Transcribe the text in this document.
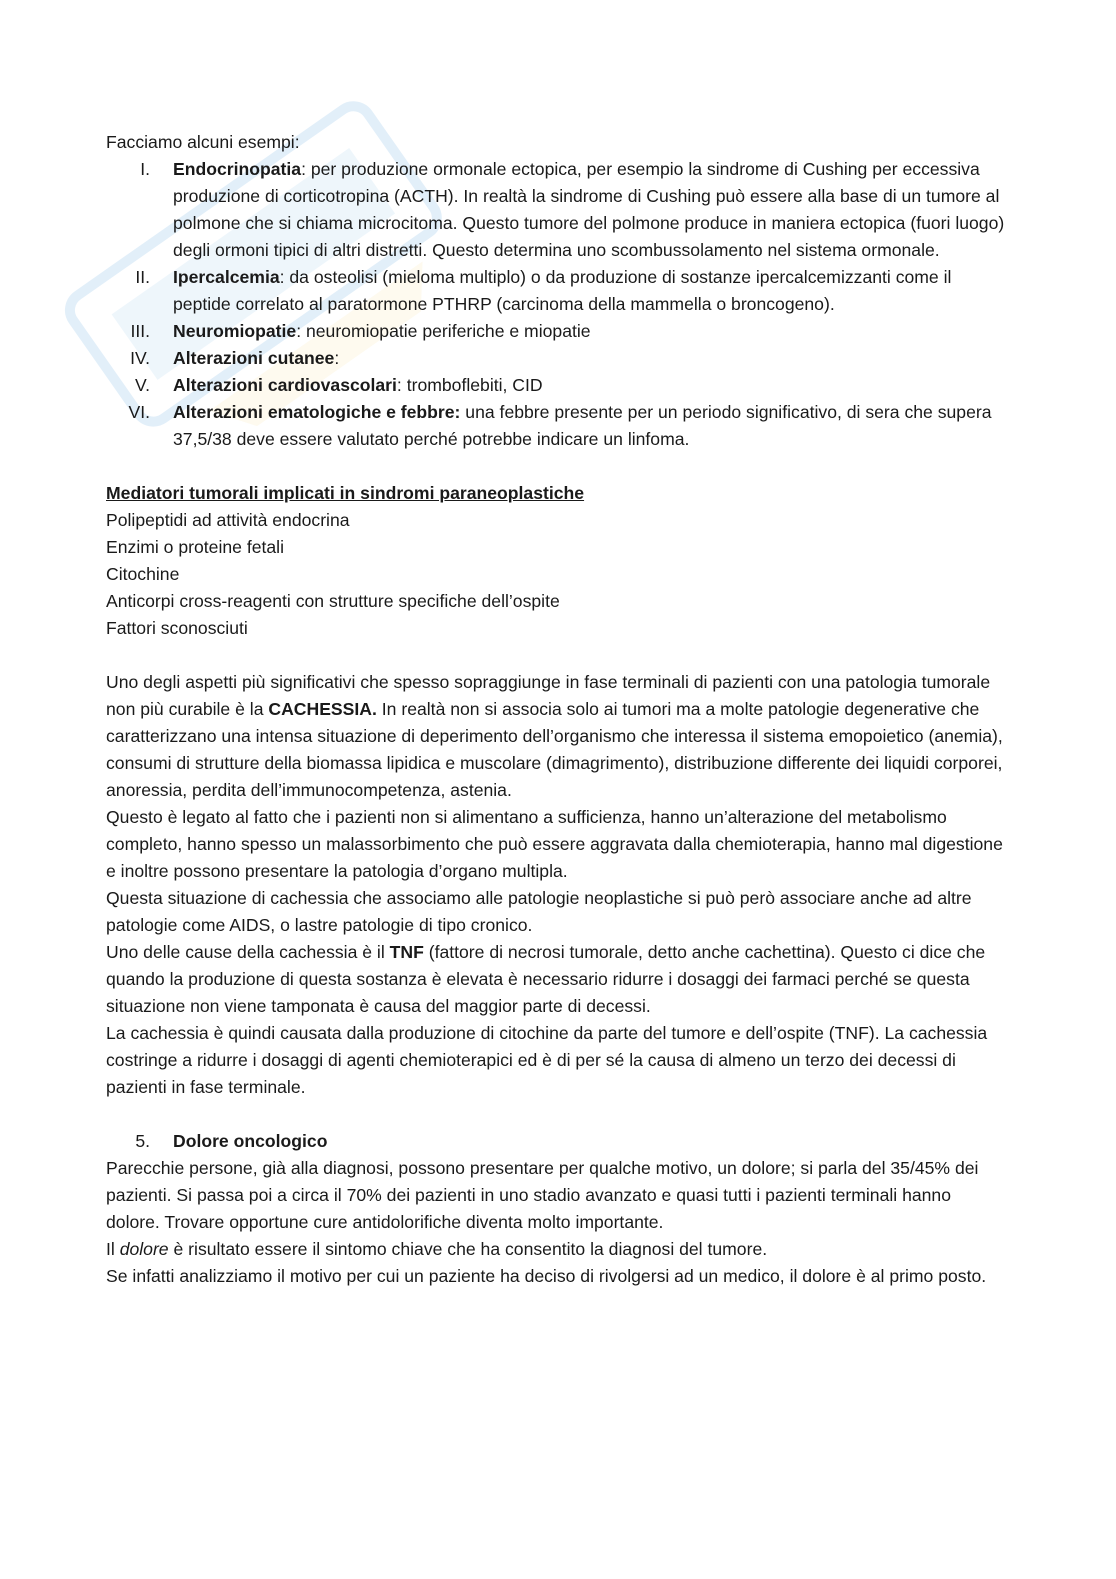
Facciamo alcuni esempi:

I. Endocrinopatia: per produzione ormonale ectopica, per esempio la sindrome di Cushing per eccessiva produzione di corticotropina (ACTH). In realtà la sindrome di Cushing può essere alla base di un tumore al polmone che si chiama microcitoma. Questo tumore del polmone produce in maniera ectopica (fuori luogo) degli ormoni tipici di altri distretti. Questo determina uno scombussolamento nel sistema ormonale.
II. Ipercalcemia: da osteolisi (mieloma multiplo) o da produzione di sostanze ipercalcemizzanti come il peptide correlato al paratormone PTHRP (carcinoma della mammella o broncogeno).
III. Neuromiopatie: neuromiopatie periferiche e miopatie
IV. Alterazioni cutanee:
V. Alterazioni cardiovascolari: tromboflebiti, CID
VI. Alterazioni ematologiche e febbre: una febbre presente per un periodo significativo, di sera che supera 37,5/38 deve essere valutato perché potrebbe indicare un linfoma.

Mediatori tumorali implicati in sindromi paraneoplastiche

Polipeptidi ad attività endocrina

Enzimi o proteine fetali

Citochine

Anticorpi cross-reagenti con strutture specifiche dell’ospite

Fattori sconosciuti

Uno degli aspetti più significativi che spesso sopraggiunge in fase terminali di pazienti con una patologia tumorale non più curabile è la CACHESSIA. In realtà non si associa solo ai tumori ma a molte patologie degenerative che caratterizzano una intensa situazione di deperimento dell’organismo che interessa il sistema emopoietico (anemia), consumi di strutture della biomassa lipidica e muscolare (dimagrimento), distribuzione differente dei liquidi corporei, anoressia, perdita dell’immunocompetenza, astenia.

Questo è legato al fatto che i pazienti non si alimentano a sufficienza, hanno un’alterazione del metabolismo completo, hanno spesso un malassorbimento che può essere aggravata dalla chemioterapia, hanno mal digestione e inoltre possono presentare la patologia d’organo multipla.

Questa situazione di cachessia che associamo alle patologie neoplastiche si può però associare anche ad altre patologie come AIDS, o lastre patologie di tipo cronico.

Uno delle cause della cachessia è il TNF (fattore di necrosi tumorale, detto anche cachettina). Questo ci dice che quando la produzione di questa sostanza è elevata è necessario ridurre i dosaggi dei farmaci perché se questa situazione non viene tamponata è causa del maggior parte di decessi.

La cachessia è quindi causata dalla produzione di citochine da parte del tumore e dell’ospite (TNF). La cachessia costringe a ridurre i dosaggi di agenti chemioterapici ed è di per sé la causa di almeno un terzo dei decessi di pazienti in fase terminale.

5. Dolore oncologico

Parecchie persone, già alla diagnosi, possono presentare per qualche motivo, un dolore; si parla del 35/45% dei pazienti. Si passa poi a circa il 70% dei pazienti in uno stadio avanzato e quasi tutti i pazienti terminali hanno dolore. Trovare opportune cure antidolorifiche diventa molto importante.

Il dolore è risultato essere il sintomo chiave che ha consentito la diagnosi del tumore.

Se infatti analizziamo il motivo per cui un paziente ha deciso di rivolgersi ad un medico, il dolore è al primo posto.
